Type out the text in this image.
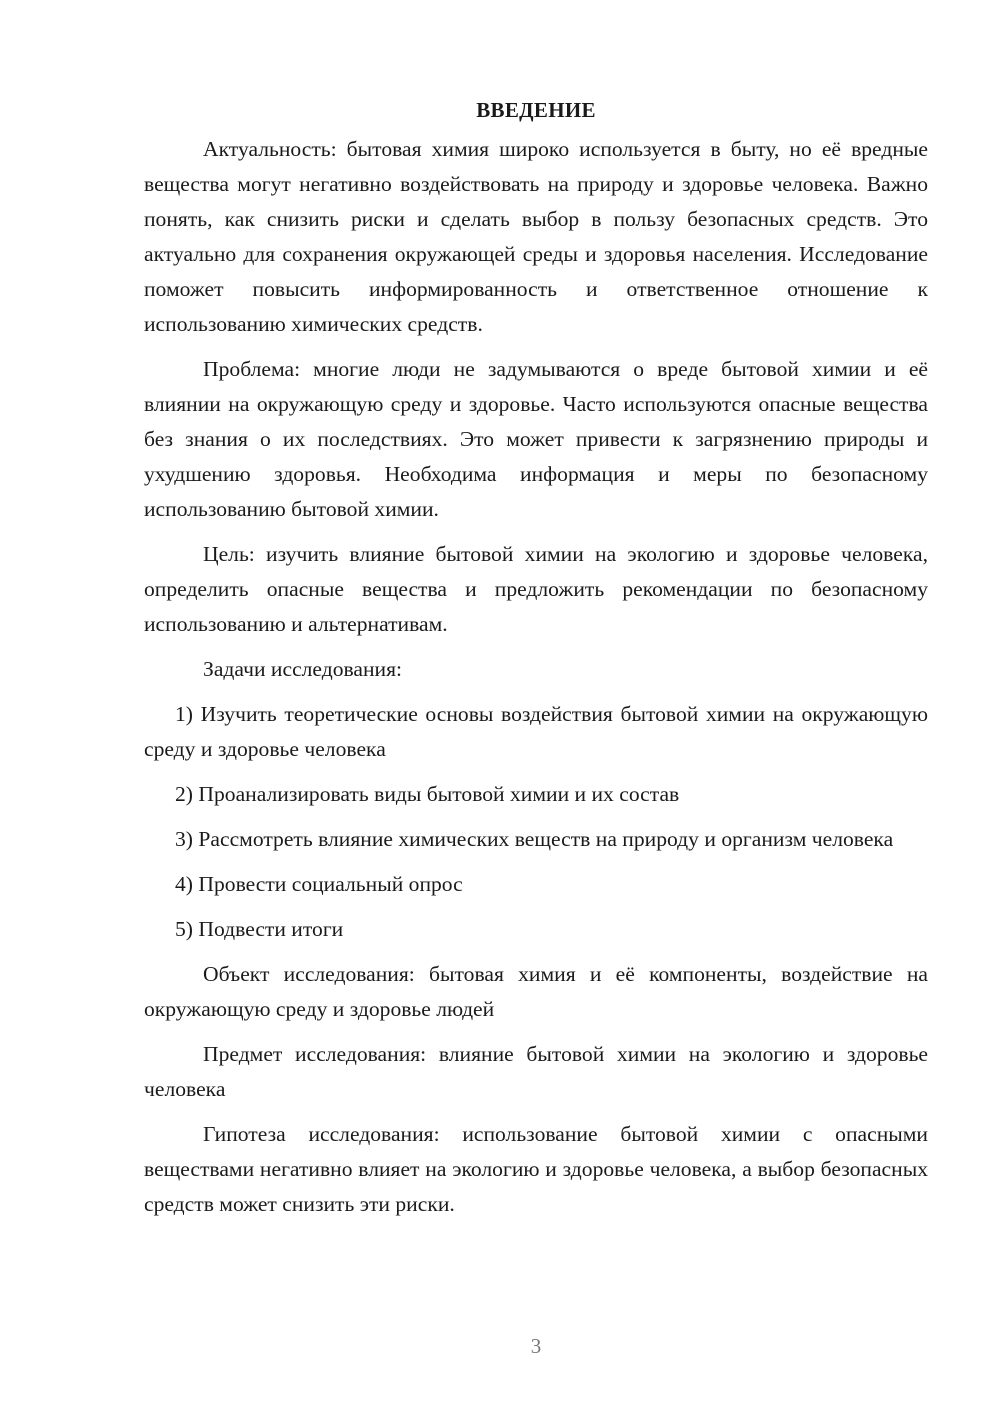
ВВЕДЕНИЕ

Актуальность: бытовая химия широко используется в быту, но её вредные вещества могут негативно воздействовать на природу и здоровье человека. Важно понять, как снизить риски и сделать выбор в пользу безопасных средств. Это актуально для сохранения окружающей среды и здоровья населения. Исследование поможет повысить информированность и ответственное отношение к использованию химических средств.

Проблема: многие люди не задумываются о вреде бытовой химии и её влиянии на окружающую среду и здоровье. Часто используются опасные вещества без знания о их последствиях. Это может привести к загрязнению природы и ухудшению здоровья. Необходима информация и меры по безопасному использованию бытовой химии.

Цель: изучить влияние бытовой химии на экологию и здоровье человека, определить опасные вещества и предложить рекомендации по безопасному использованию и альтернативам.

Задачи исследования:

1) Изучить теоретические основы воздействия бытовой химии на окружающую среду и здоровье человека

2) Проанализировать виды бытовой химии и их состав

3) Рассмотреть влияние химических веществ на природу и организм человека

4) Провести социальный опрос

5) Подвести итоги

Объект исследования: бытовая химия и её компоненты, воздействие на окружающую среду и здоровье людей

Предмет исследования: влияние бытовой химии на экологию и здоровье человека

Гипотеза исследования: использование бытовой химии с опасными веществами негативно влияет на экологию и здоровье человека, а выбор безопасных средств может снизить эти риски.

3
